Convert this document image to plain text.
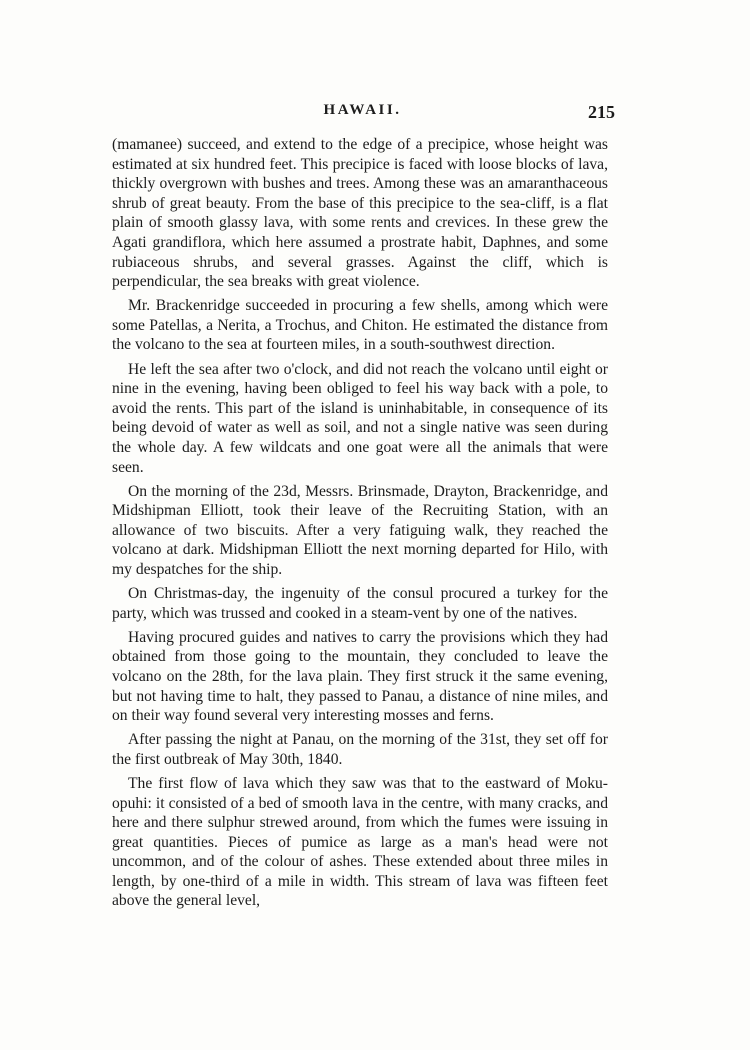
HAWAII.	215

(mamanee) succeed, and extend to the edge of a precipice, whose height was estimated at six hundred feet. This precipice is faced with loose blocks of lava, thickly overgrown with bushes and trees. Among these was an amaranthaceous shrub of great beauty. From the base of this precipice to the sea-cliff, is a flat plain of smooth glassy lava, with some rents and crevices. In these grew the Agati grandiflora, which here assumed a prostrate habit, Daphnes, and some rubiaceous shrubs, and several grasses. Against the cliff, which is perpendicular, the sea breaks with great violence.

Mr. Brackenridge succeeded in procuring a few shells, among which were some Patellas, a Nerita, a Trochus, and Chiton. He estimated the distance from the volcano to the sea at fourteen miles, in a south-southwest direction.

He left the sea after two o'clock, and did not reach the volcano until eight or nine in the evening, having been obliged to feel his way back with a pole, to avoid the rents. This part of the island is uninhabitable, in consequence of its being devoid of water as well as soil, and not a single native was seen during the whole day. A few wildcats and one goat were all the animals that were seen.

On the morning of the 23d, Messrs. Brinsmade, Drayton, Brackenridge, and Midshipman Elliott, took their leave of the Recruiting Station, with an allowance of two biscuits. After a very fatiguing walk, they reached the volcano at dark. Midshipman Elliott the next morning departed for Hilo, with my despatches for the ship.

On Christmas-day, the ingenuity of the consul procured a turkey for the party, which was trussed and cooked in a steam-vent by one of the natives.

Having procured guides and natives to carry the provisions which they had obtained from those going to the mountain, they concluded to leave the volcano on the 28th, for the lava plain. They first struck it the same evening, but not having time to halt, they passed to Panau, a distance of nine miles, and on their way found several very interesting mosses and ferns.

After passing the night at Panau, on the morning of the 31st, they set off for the first outbreak of May 30th, 1840.

The first flow of lava which they saw was that to the eastward of Moku-opuhi: it consisted of a bed of smooth lava in the centre, with many cracks, and here and there sulphur strewed around, from which the fumes were issuing in great quantities. Pieces of pumice as large as a man's head were not uncommon, and of the colour of ashes. These extended about three miles in length, by one-third of a mile in width. This stream of lava was fifteen feet above the general level,
